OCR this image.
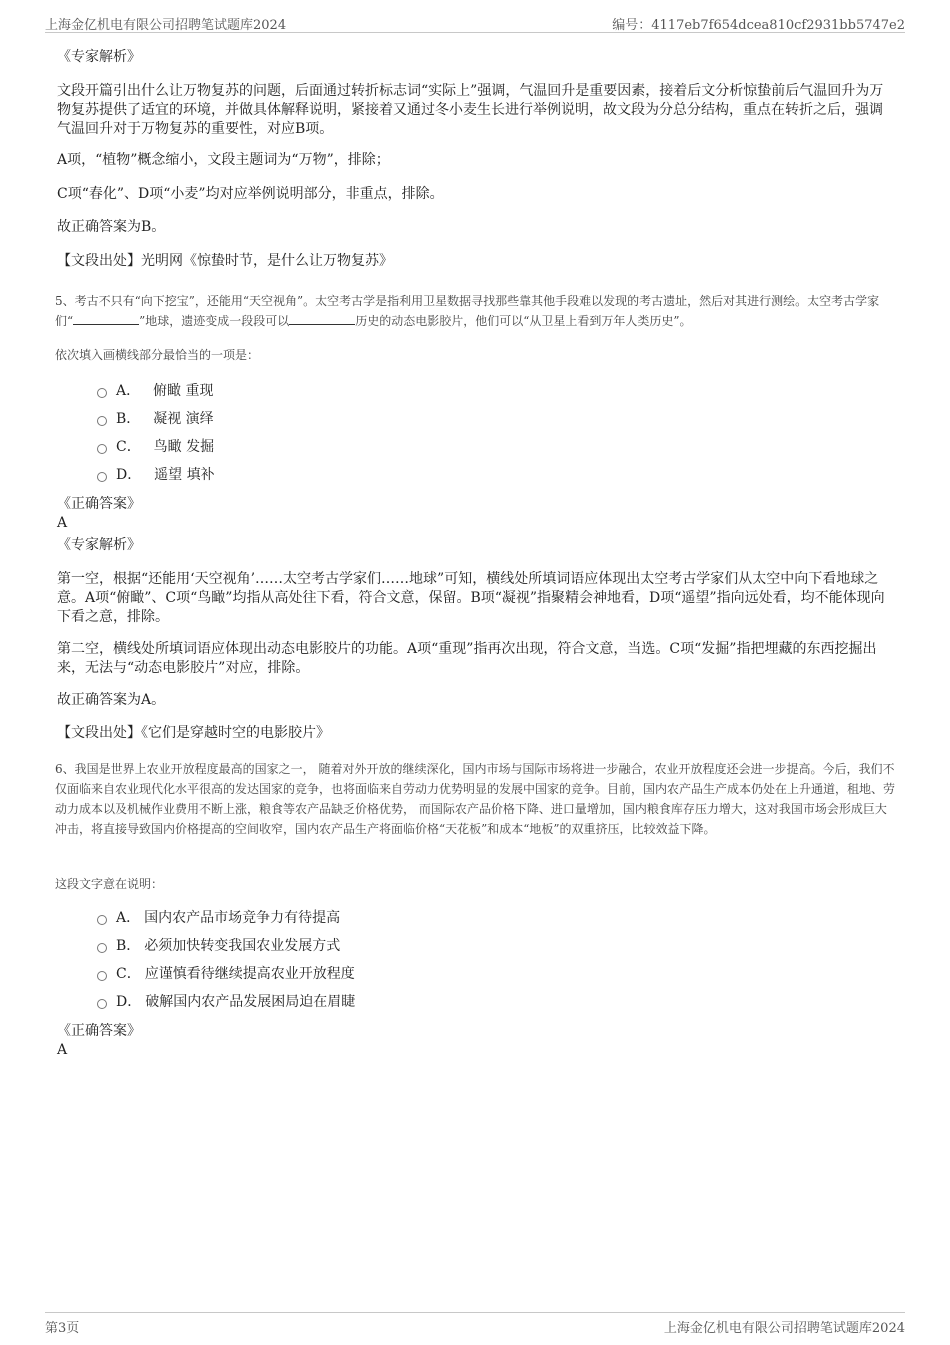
上海金亿机电有限公司招聘笔试题库2024	编号：4117eb7f654dcea810cf2931bb5747e2
《专家解析》

文段开篇引出什么让万物复苏的问题，后面通过转折标志词“实际上”强调，气温回升是重要因素，接着后文分析惊蛰前后气温回升为万物复苏提供了适宜的环境，并做具体解释说明，紧接着又通过冬小麦生长进行举例说明，故文段为分总分结构，重点在转折之后，强调气温回升对于万物复苏的重要性，对应B项。

A项，“植物”概念缩小，文段主题词为“万物”，排除；

C项“春化”、D项“小麦”均对应举例说明部分，非重点，排除。

故正确答案为B。

【文段出处】光明网《惊蛰时节，是什么让万物复苏》

5、考古不只有“向下挖宝”，还能用“天空视角”。太空考古学是指利用卫星数据寻找那些靠其他手段难以发现的考古遗址，然后对其进行测绘。太空考古学家们“	”地球，遗迹变成一段段可以	历史的动态电影胶片，他们可以“从卫星上看到万年人类历史”。

依次填入画横线部分最恰当的一项是：

A． 俯瞰 重现
B． 凝视 演绎
C． 鸟瞰 发掘
D． 遥望 填补
《正确答案》
A
《专家解析》

第一空，根据“还能用‘天空视角’……太空考古学家们……地球”可知，横线处所填词语应体现出太空考古学家们从太空中向下看地球之意。A项“俯瞰”、C项“鸟瞰”均指从高处往下看，符合文意，保留。B项“凝视”指聚精会神地看，D项“遥望”指向远处看，均不能体现向下看之意，排除。

第二空，横线处所填词语应体现出动态电影胶片的功能。A项“重现”指再次出现，符合文意，当选。C项“发掘”指把埋藏的东西挖掘出来，无法与“动态电影胶片”对应，排除。

故正确答案为A。

【文段出处】《它们是穿越时空的电影胶片》

6、我国是世界上农业开放程度最高的国家之一， 随着对外开放的继续深化，国内市场与国际市场将进一步融合，农业开放程度还会进一步提高。今后，我们不仅面临来自农业现代化水平很高的发达国家的竞争，也将面临来自劳动力优势明显的发展中国家的竞争。目前，国内农产品生产成本仍处在上升通道，租地、劳动力成本以及机械作业费用不断上涨，粮食等农产品缺乏价格优势， 而国际农产品价格下降、进口量增加，国内粮食库存压力增大，这对我国市场会形成巨大冲击，将直接导致国内价格提高的空间收窄，国内农产品生产将面临价格“天花板”和成本“地板”的双重挤压，比较效益下降。

这段文字意在说明：

A． 国内农产品市场竞争力有待提高
B． 必须加快转变我国农业发展方式
C． 应谨慎看待继续提高农业开放程度
D． 破解国内农产品发展困局迫在眉睫
《正确答案》
A
第3页	上海金亿机电有限公司招聘笔试题库2024
